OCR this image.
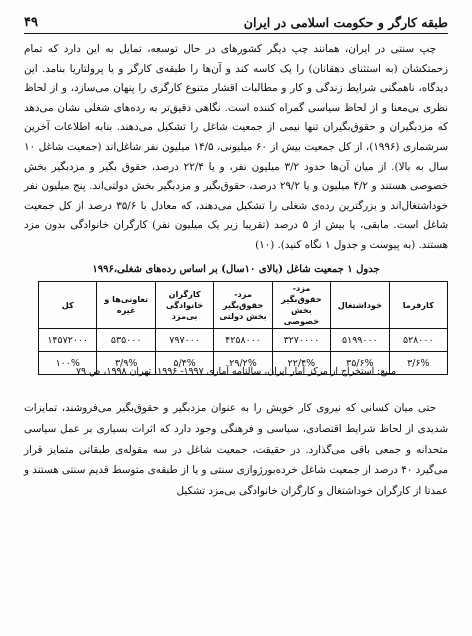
طبقه کارگر و حکومت اسلامی در ایران
۴۹

چپ سنتی در ایران، همانند چپ دیگر کشورهای در حال توسعه، تمایل به این دارد که تمام زحمتکشان (به استثنای دهقانان) را یک کاسه کند و آن‌ها را طبقه‌ی کارگر و یا پرولتاریا بنامد. این دیدگاه، ناهمگنی شرایط زندگی و کار و مطالبات اقشار متنوع کارگری را پنهان می‌سازد، و از لحاظ نظری بی‌معنا و از لحاظ سیاسی گمراه کننده است. نگاهی دقیق‌تر به رده‌های شغلی نشان می‌دهد که مزدبگیران و حقوق‌بگیران تنها نیمی از جمعیت شاغل را تشکیل می‌دهند. بنابه اطلاعات آخرین سرشماری (۱۹۹۶)، از کل جمعیت بیش از ۶۰ میلیونی، ۱۴/۵ میلیون نفر شاغل‌اند (جمعیت شاغل ۱۰ سال به بالا). از میان آن‌ها حدود ۳/۲ میلیون نفر، و یا ۲۲/۴ درصد، حقوق بگیر و مزدبگیر بخش خصوصی هستند و ۴/۲ میلیون و یا ۲۹/۲ درصد، حقوق‌بگیر و مزدبگیر بخش دولتی‌اند. پنج میلیون نفر خوداشتغال‌اند و بزرگترین رده‌ی شغلی را تشکیل می‌دهند، که معادل با ۳۵/۶ درصد از کل جمعیت شاغل است. مابقی، یا بیش از ۵ درصد (تقریبا زیر یک میلیون نفر) کارگران خانوادگی بدون مزد هستند. (به پیوست و جدول ۱ نگاه کنید). (۱۰)

جدول ۱ جمعیت شاغل (بالای ۱۰سال) بر اساس رده‌های شغلی،۱۹۹۶
کارفرما	خوداشتغال	مزد-حقوق‌بگیر بخش خصوصی	مزد-حقوق‌بگیر بخش دولتی	کارگران خانوادگی بی‌مزد	تعاونی‌ها و غیره	کل
۵۲۸۰۰۰	۵۱۹۹۰۰۰	۳۲۷۰۰۰۰	۴۲۵۸۰۰۰	۷۹۷۰۰۰	۵۳۵۰۰۰	۱۴۵۷۲۰۰۰
۳/۶%	۳۵/۶%	۲۲/۴%	۲۹/۲%	۵/۴%	۳/۹%	۱۰۰%
منبع: استخراج از مرکز آمار ایران، سالنامه آماری ۱۹۹۷- ۱۹۹۶، تهران ۱۹۹۸، ص ۷۹

حتی میان کسانی که نیروی کار خویش را به عنوان مزدبگیر و حقوق‌بگیر می‌فروشند، تمایزات شدیدی از لحاظ شرایط اقتصادی، سیاسی و فرهنگی وجود دارد که اثرات بسیاری بر عمل سیاسی متحدانه و جمعی باقی می‌گذارد. در حقیقت، جمعیت شاغل در سه مقوله‌ی طبقاتی متمایز قرار می‌گیرد ۴۰ درصد از جمعیت شاغل خرده‌بورژوازی سنتی و یا از طبقه‌ی متوسط قدیم سنتی هستند و عمدتا از کارگران خوداشتغال و کارگران خانوادگی بی‌مزد تشکیل
